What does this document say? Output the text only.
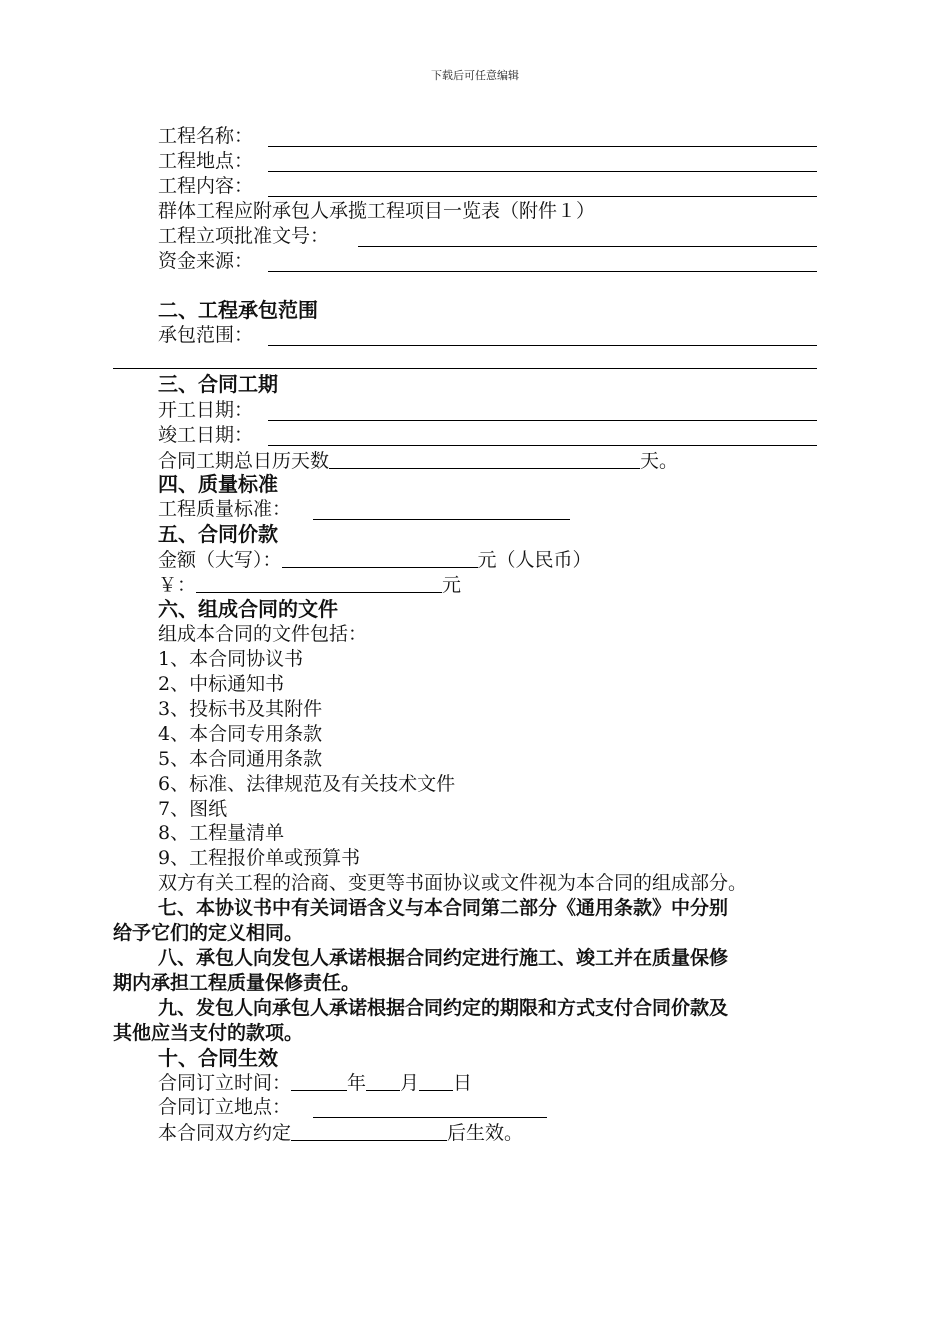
下载后可任意编辑
工程名称：
工程地点：
工程内容：
群体工程应附承包人承揽工程项目一览表（附件１）
工程立项批准文号：
资金来源：
二、工程承包范围
承包范围：
三、合同工期
开工日期：
竣工日期：
合同工期总日历天数	天。
四、质量标准
工程质量标准：
五、合同价款
金额（大写）：	元（人民币）
￥：	元
六、组成合同的文件
组成本合同的文件包括：
1、本合同协议书
2、中标通知书
3、投标书及其附件
4、本合同专用条款
5、本合同通用条款
6、标准、法律规范及有关技术文件
7、图纸
8、工程量清单
9、工程报价单或预算书
双方有关工程的洽商、变更等书面协议或文件视为本合同的组成部分。
七、本协议书中有关词语含义与本合同第二部分《通用条款》中分别
给予它们的定义相同。
八、承包人向发包人承诺根据合同约定进行施工、竣工并在质量保修
期内承担工程质量保修责任。
九、发包人向承包人承诺根据合同约定的期限和方式支付合同价款及
其他应当支付的款项。
十、合同生效
合同订立时间：	年 月 日
合同订立地点：
本合同双方约定	后生效。
